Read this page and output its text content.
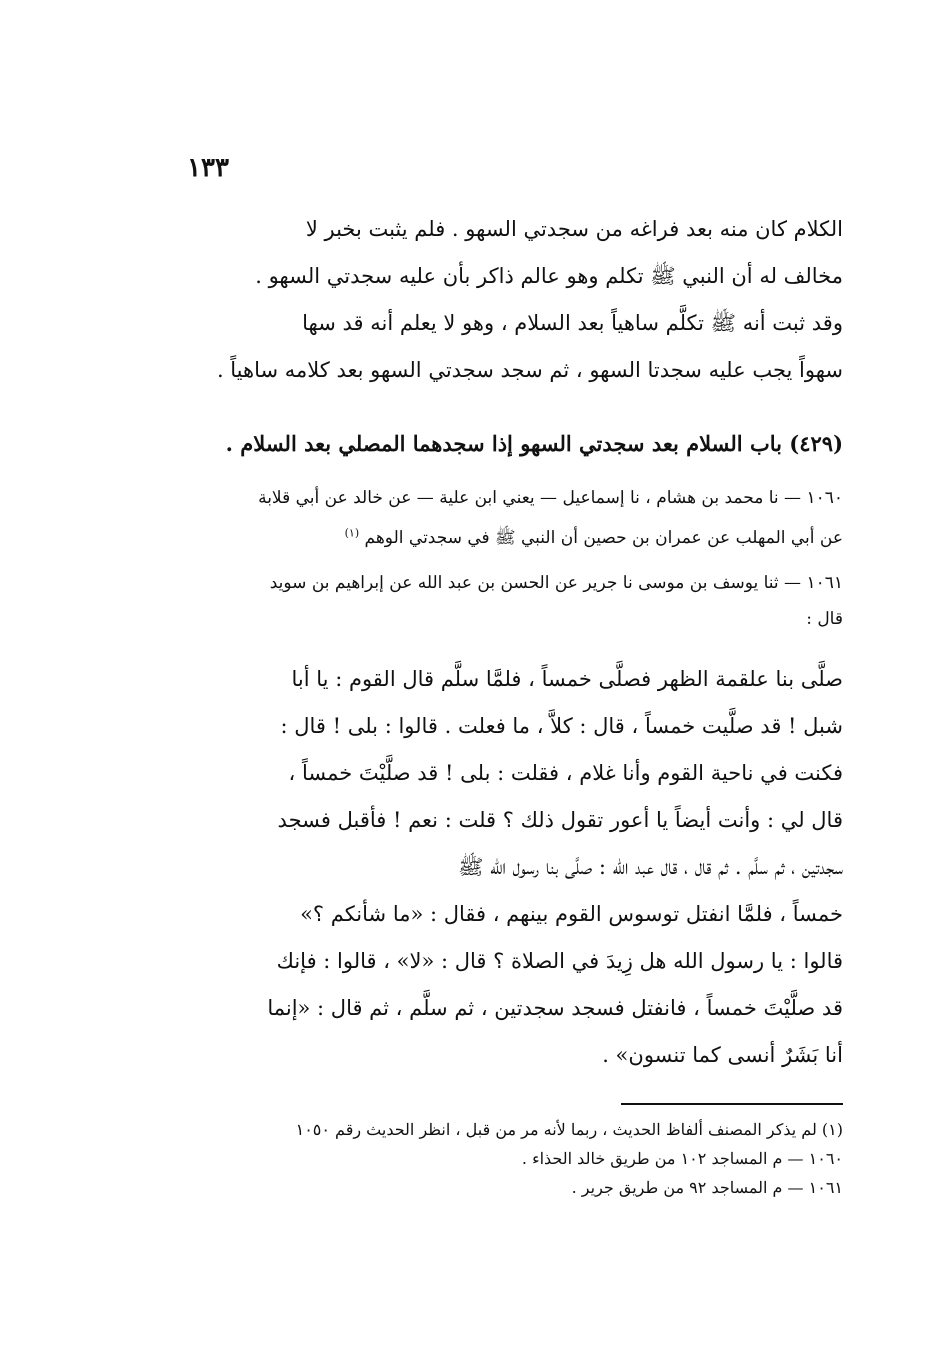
١٣٣
الكلام كان منه بعد فراغه من سجدتي السهو . فلم يثبت بخبر لا
مخالف له أن النبي ﷺ تكلم وهو عالم ذاكر بأن عليه سجدتي السهو .
وقد ثبت أنه ﷺ تكلَّم ساهياً بعد السلام ، وهو لا يعلم أنه قد سها
سهواً يجب عليه سجدتا السهو ، ثم سجد سجدتي السهو بعد كلامه ساهياً .
(٤٢٩) باب السلام بعد سجدتي السهو إذا سجدهما المصلي بعد السلام .
١٠٦٠ — نا محمد بن هشام ، نا إسماعيل — يعني ابن علية — عن خالد عن أبي قلابة
عن أبي المهلب عن عمران بن حصين أن النبي ﷺ في سجدتي الوهم $^{(١)}$
١٠٦١ — ثنا يوسف بن موسى نا جرير عن الحسن بن عبد الله عن إبراهيم بن سويد
قال :
صلَّى بنا علقمة الظهر فصلَّى خمساً ، فلمَّا سلَّم قال القوم : يا أبا
شبل ! قد صلَّيت خمساً ، قال : كلاَّ ، ما فعلت . قالوا : بلى ! قال :
فكنت في ناحية القوم وأنا غلام ، فقلت : بلى ! قد صلَّيْتَ خمساً ،
قال لي : وأنت أيضاً يا أعور تقول ذلك ؟ قلت : نعم ! فأقبل فسجد
سجدتين ، ثم سلَّم . ثم قال ، قال عبد الله : صلَّى بنا رسول الله ﷺ
خمساً ، فلمَّا انفتل توسوس القوم بينهم ، فقال : «ما شأنكم ؟»
قالوا : يا رسول الله هل زِيدَ في الصلاة ؟ قال : «لا» ، قالوا : فإنك
قد صلَّيْتَ خمساً ، فانفتل فسجد سجدتين ، ثم سلَّم ، ثم قال : «إنما
أنا بَشَرٌ أنسى كما تنسون» .
(١) لم يذكر المصنف ألفاظ الحديث ، ربما لأنه مر من قبل ، انظر الحديث رقم ١٠٥٠
١٠٦٠ — م المساجد ١٠٢ من طريق خالد الحذاء .
١٠٦١ — م المساجد ٩٢ من طريق جرير .
